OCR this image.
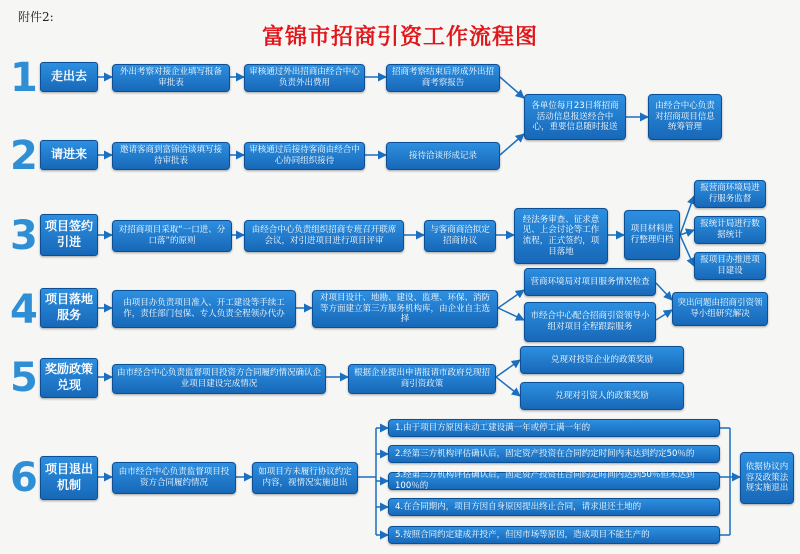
附件2:
富锦市招商引资工作流程图
1
2
3
4
5
6
走出去
请进来
项目签约引进
项目落地服务
奖励政策兑现
项目退出机制
外出考察对接企业填写报备审批表
审核通过外出招商由经合中心负责外出费用
招商考察结束后形成外出招商考察报告
邀请客商到富锦洽谈填写接待审批表
审核通过后接待客商由经合中心协同组织接待
接待洽谈形成记录
各单位每月23日将招商活动信息报送经合中心，重要信息随时报送
由经合中心负责对招商项目信息统筹管理
对招商项目采取“一口进、分口落”的原则
由经合中心负责组织招商专班召开联席会议，对引进项目进行项目评审
与客商商洽拟定招商协议
经法务审查、征求意见、上会讨论等工作流程，正式签约，项目落地
项目材料进行整理归档
报营商环境局进行服务监督
报统计局进行数据统计
报项目办推进项目建设
由项目办负责项目准入、开工建设等手续工作，责任部门包保、专人负责全程领办代办
对项目设计、地勘、建设、监理、环保、消防等方面建立第三方服务机构库，由企业自主选择
营商环境局对项目服务情况检查
市经合中心配合招商引资领导小组对项目全程跟踪服务
突出问题由招商引资领导小组研究解决
由市经合中心负责监督项目投资方合同履约情况确认企业项目建设完成情况
根据企业提出申请报请市政府兑现招商引资政策
兑现对投资企业的政策奖励
兑现对引资人的政策奖励
由市经合中心负责监督项目投资方合同履约情况
如项目方未履行协议约定内容，视情况实施退出
1.由于项目方原因未动工建设满一年或停工满一年的
2.经第三方机构评估确认后，固定资产投资在合同约定时间内未达到约定50％的
3.经第三方机构评估确认后，固定资产投资在合同约定时间内达到50％但未达到100％的
4.在合同期内，项目方因自身原因提出终止合同，请求退还土地的
5.按照合同约定建成并投产，但因市场等原因，造成项目不能生产的
依据协议内容及政策法规实施退出
